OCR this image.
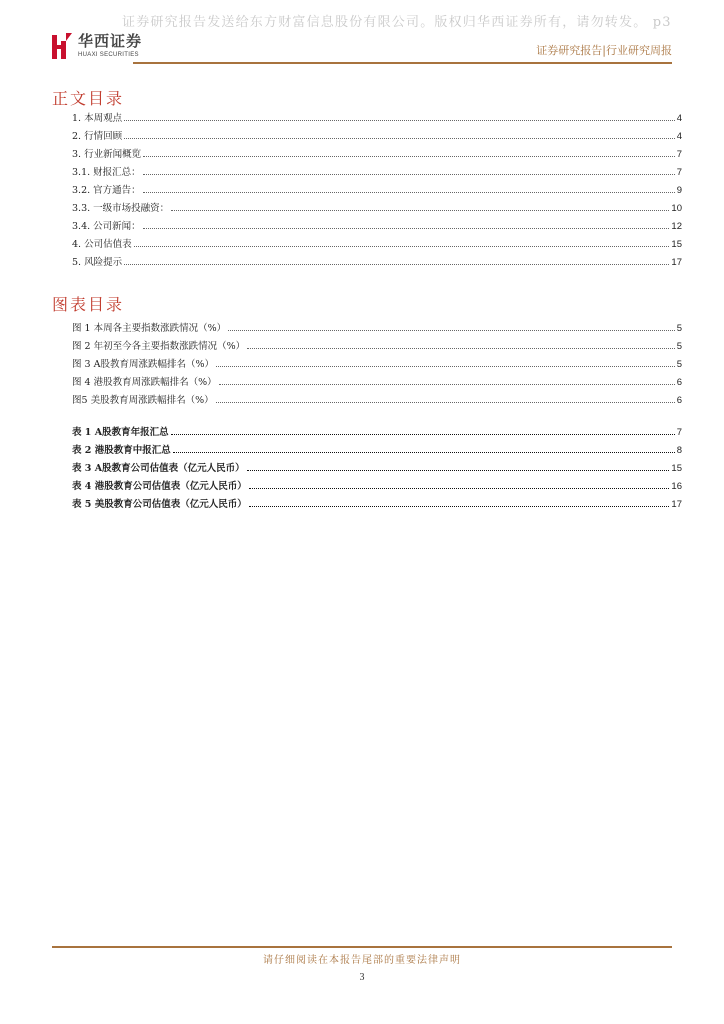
证券研究报告发送给东方财富信息股份有限公司。版权归华西证券所有，请勿转发。 p3
华西证券
HUAXI SECURITIES	证券研究报告|行业研究周报
正文目录
1. 本周观点	4
2. 行情回顾	4
3. 行业新闻概览	7
3.1. 财报汇总：	7
3.2. 官方通告：	9
3.3. 一级市场投融资：	10
3.4. 公司新闻：	12
4. 公司估值表	15
5. 风险提示	17
图表目录
图 1 本周各主要指数涨跌情况（%）	5
图 2 年初至今各主要指数涨跌情况（%）	5
图 3 A股教育周涨跌幅排名（%）	5
图 4 港股教育周涨跌幅排名（%）	6
图5 美股教育周涨跌幅排名（%）	6
表 1 A股教育年报汇总	7
表 2 港股教育中报汇总	8
表 3 A股教育公司估值表（亿元人民币）	15
表 4 港股教育公司估值表（亿元人民币）	16
表 5 美股教育公司估值表（亿元人民币）	17
请仔细阅读在本报告尾部的重要法律声明
3
